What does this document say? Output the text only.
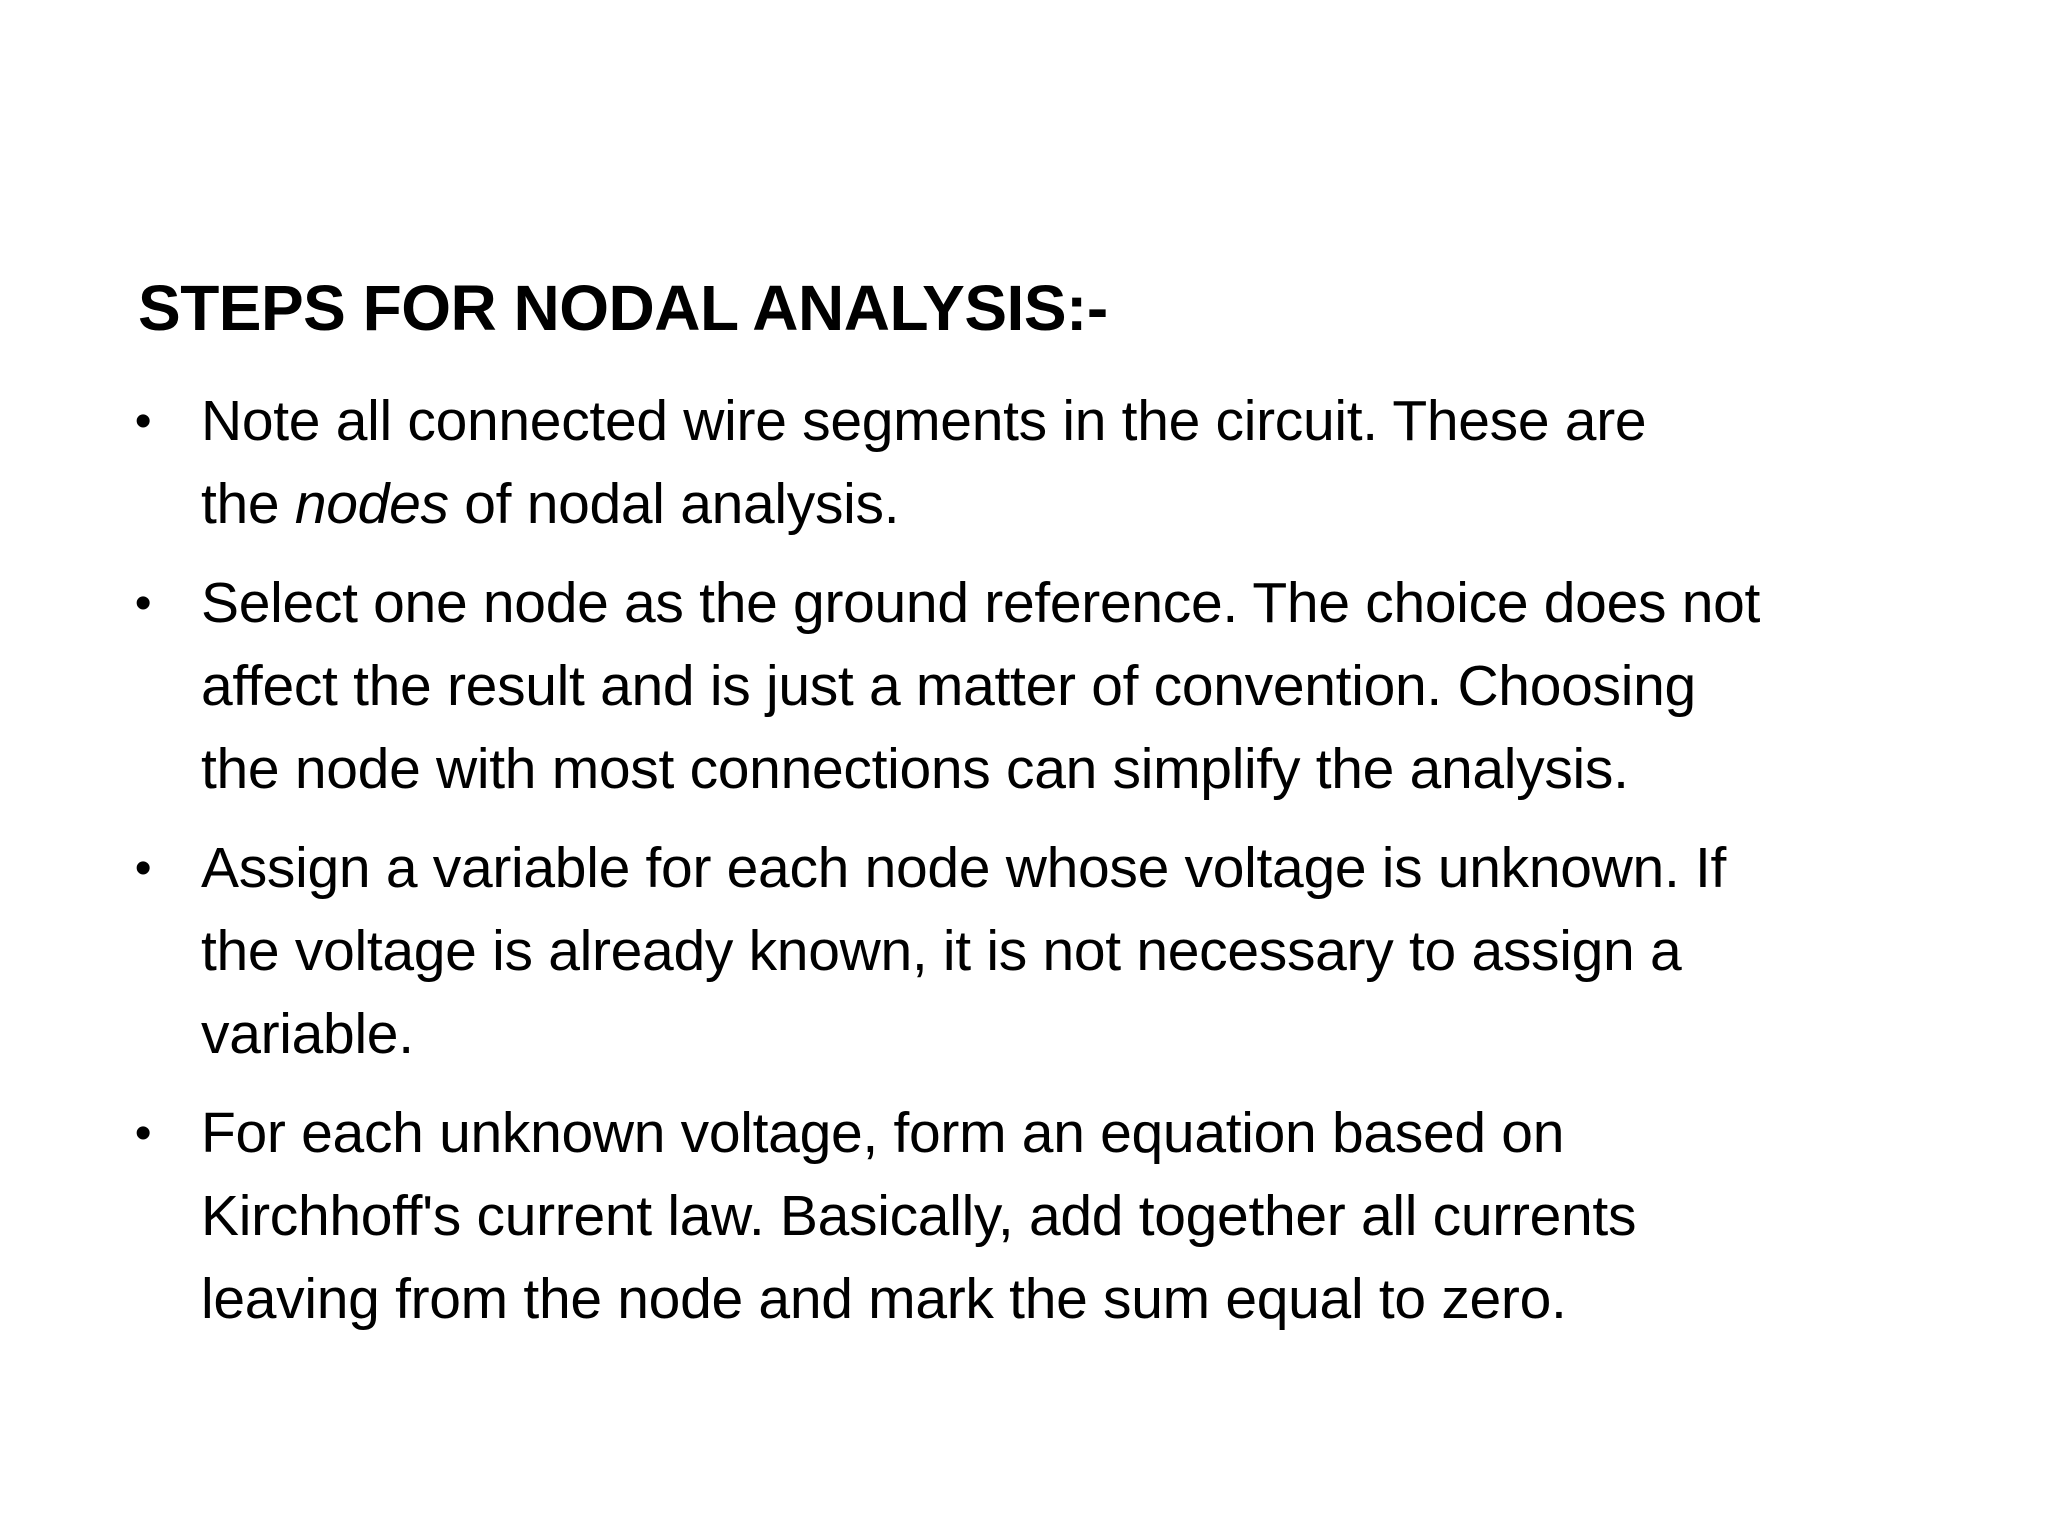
STEPS FOR NODAL ANALYSIS:-
• Note all connected wire segments in the circuit. These are
the nodes of nodal analysis.
• Select one node as the ground reference. The choice does not
affect the result and is just a matter of convention. Choosing
the node with most connections can simplify the analysis.
• Assign a variable for each node whose voltage is unknown. If
the voltage is already known, it is not necessary to assign a
variable.
• For each unknown voltage, form an equation based on
Kirchhoff's current law. Basically, add together all currents
leaving from the node and mark the sum equal to zero.
